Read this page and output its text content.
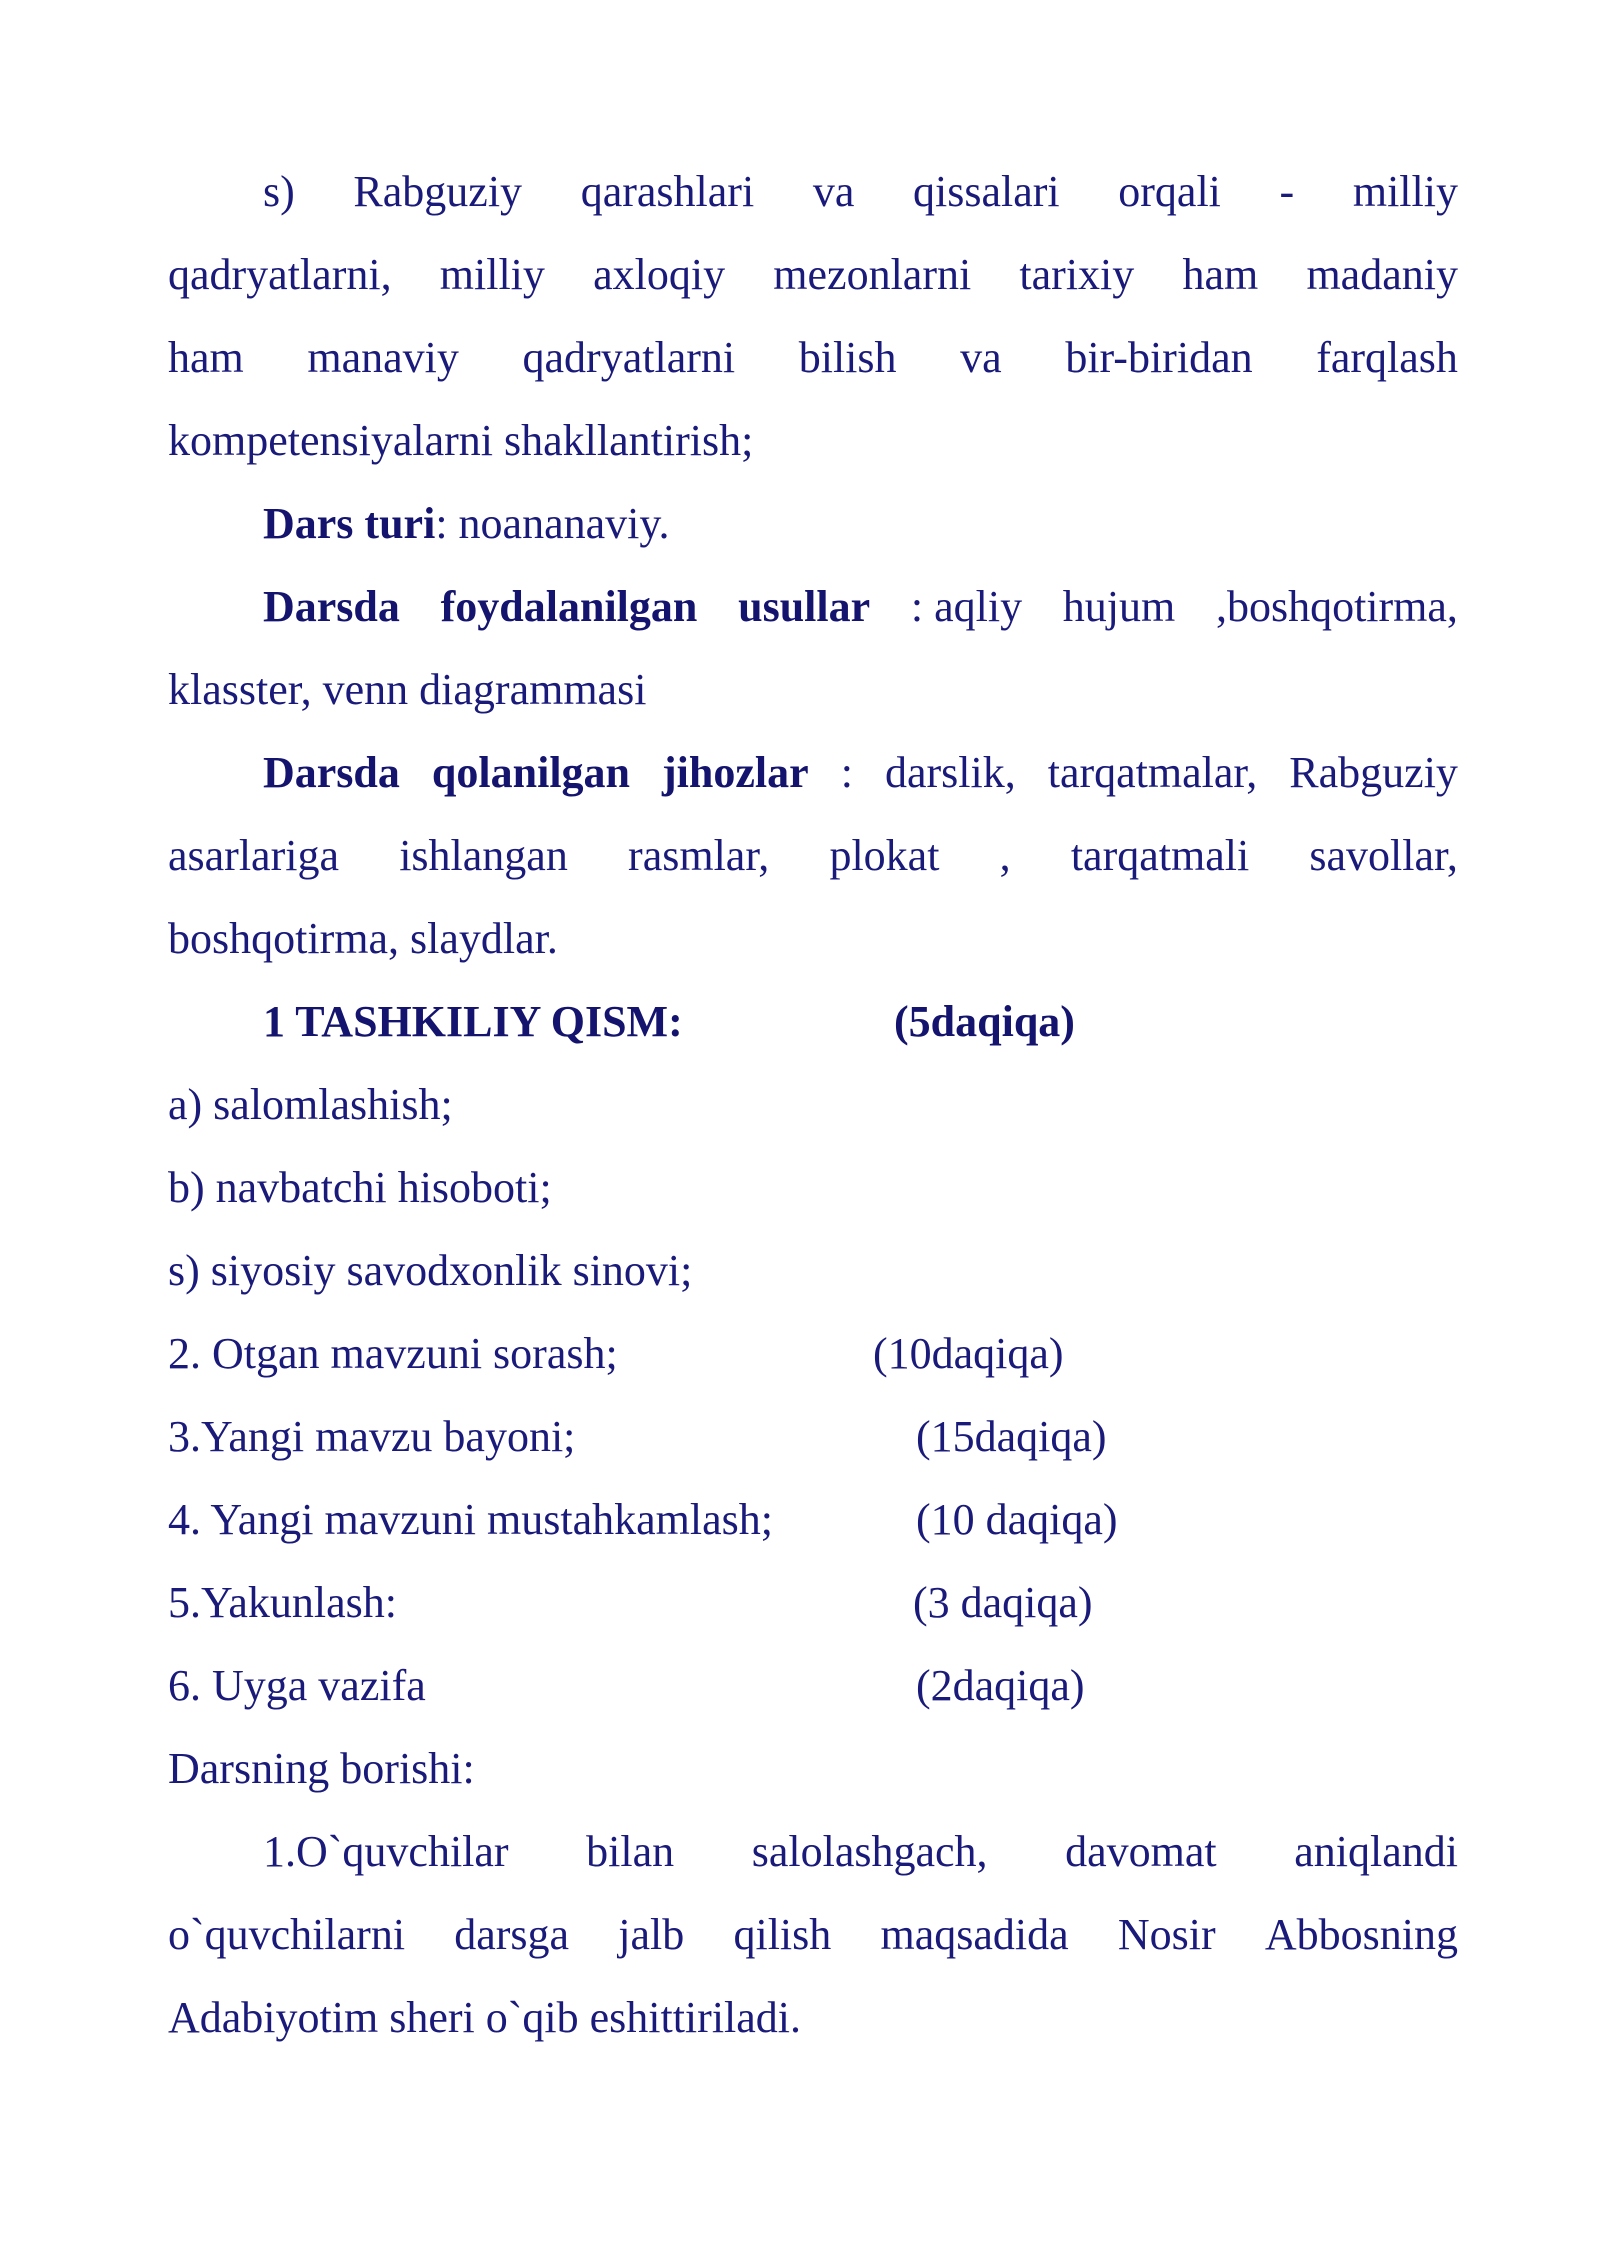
s) Rabguziy qarashlari va qissalari orqali - milliy
qadryatlarni, milliy axloqiy mezonlarni tarixiy ham madaniy
ham manaviy qadryatlarni bilish va bir-biridan farqlash
kompetensiyalarni shakllantirish;
Dars turi: noananaviy.
Darsda foydalanilgan usullar : aqliy hujum ,boshqotirma,
klasster, venn diagrammasi
Darsda qolanilgan jihozlar : darslik, tarqatmalar, Rabguziy
asarlariga ishlangan rasmlar, plokat , tarqatmali savollar,
boshqotirma, slaydlar.
1 TASHKILIY QISM:	(5daqiqa)
a) salomlashish;
b) navbatchi hisoboti;
s) siyosiy savodxonlik sinovi;
2. Otgan mavzuni sorash;	(10daqiqa)
3.Yangi mavzu bayoni;	(15daqiqa)
4. Yangi mavzuni mustahkamlash;	(10 daqiqa)
5.Yakunlash:	(3 daqiqa)
6. Uyga vazifa	(2daqiqa)
Darsning borishi:
1.O`quvchilar bilan salolashgach, davomat aniqlandi
o`quvchilarni darsga jalb qilish maqsadida Nosir Abbosning
Adabiyotim sheri o`qib eshittiriladi.
